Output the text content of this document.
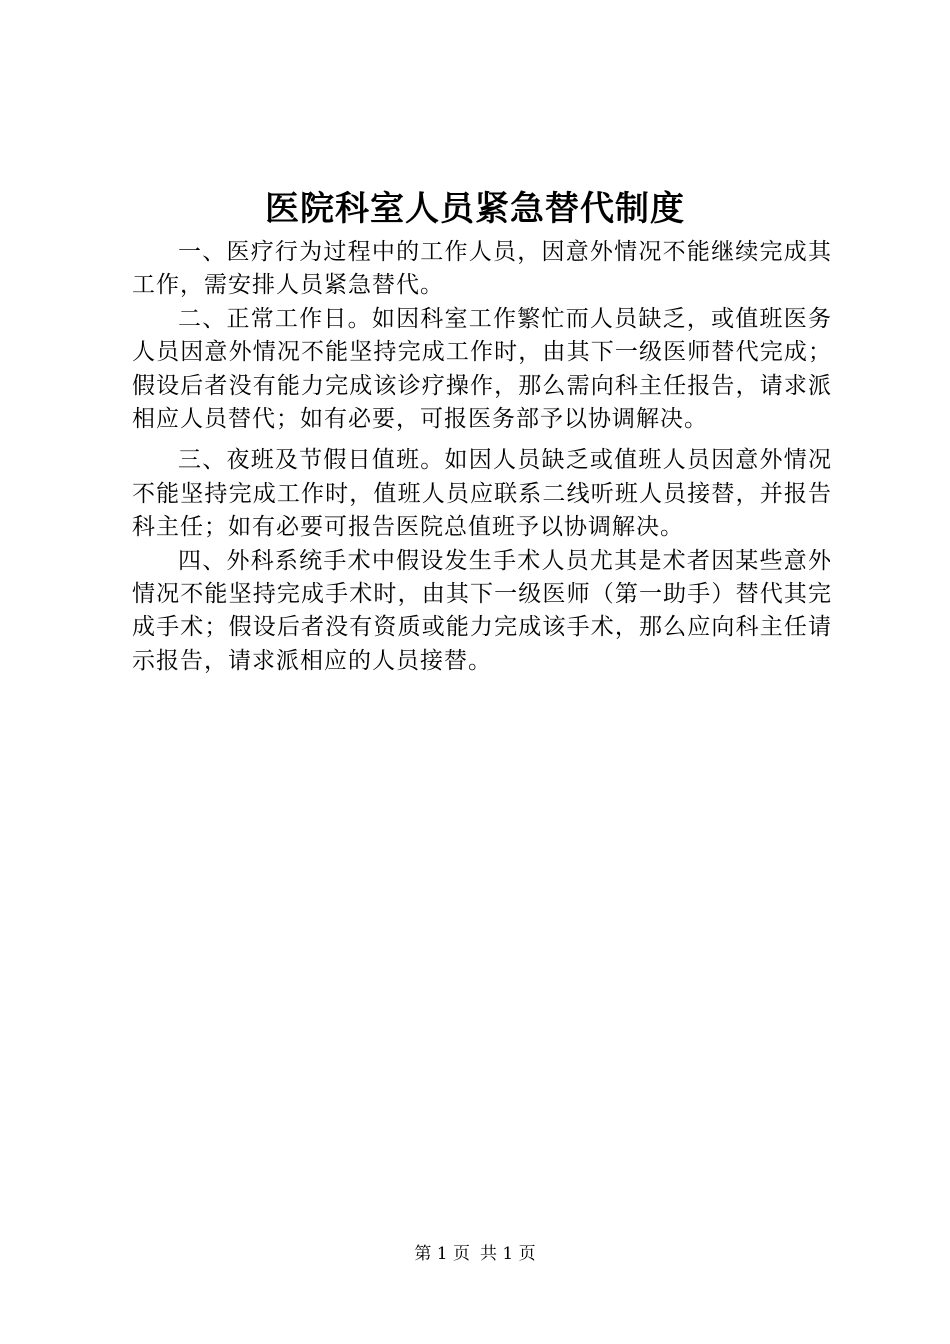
医院科室人员紧急替代制度

一、医疗行为过程中的工作人员，因意外情况不能继续完成其工作，需安排人员紧急替代。

二、正常工作日。如因科室工作繁忙而人员缺乏，或值班医务人员因意外情况不能坚持完成工作时，由其下一级医师替代完成；假设后者没有能力完成该诊疗操作，那么需向科主任报告，请求派相应人员替代；如有必要，可报医务部予以协调解决。

三、夜班及节假日值班。如因人员缺乏或值班人员因意外情况不能坚持完成工作时，值班人员应联系二线听班人员接替，并报告科主任；如有必要可报告医院总值班予以协调解决。

四、外科系统手术中假设发生手术人员尤其是术者因某些意外情况不能坚持完成手术时，由其下一级医师（第一助手）替代其完成手术；假设后者没有资质或能力完成该手术，那么应向科主任请示报告，请求派相应的人员接替。

第 1 页 共 1 页
